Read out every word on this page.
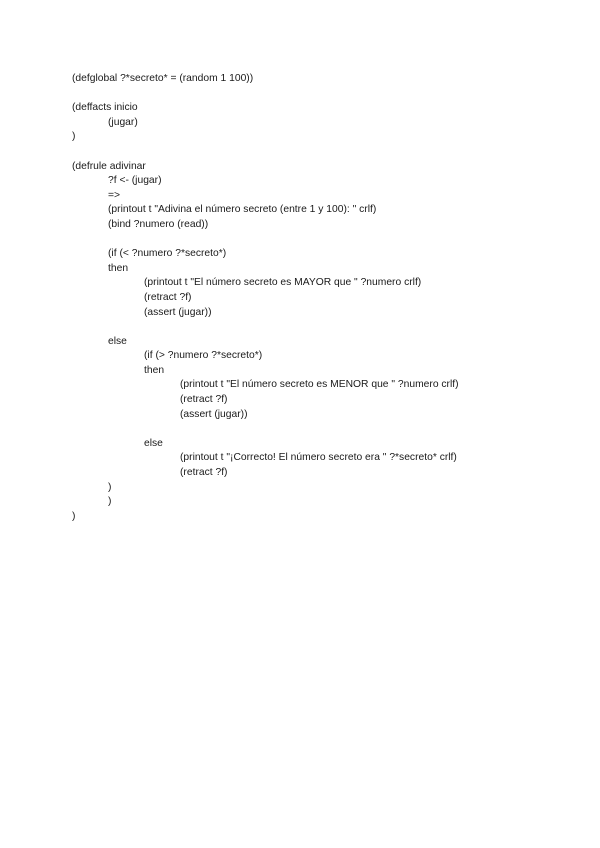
(defglobal ?*secreto* = (random 1 100))
(deffacts inicio
(jugar)
)
(defrule adivinar
?f <- (jugar)
=>
(printout t "Adivina el número secreto (entre 1 y 100): " crlf)
(bind ?numero (read))
(if (< ?numero ?*secreto*)
then
(printout t "El número secreto es MAYOR que " ?numero crlf)
(retract ?f)
(assert (jugar))
else
(if (> ?numero ?*secreto*)
then
(printout t "El número secreto es MENOR que " ?numero crlf)
(retract ?f)
(assert (jugar))
else
(printout t "¡Correcto! El número secreto era " ?*secreto* crlf)
(retract ?f)
)
)
)
